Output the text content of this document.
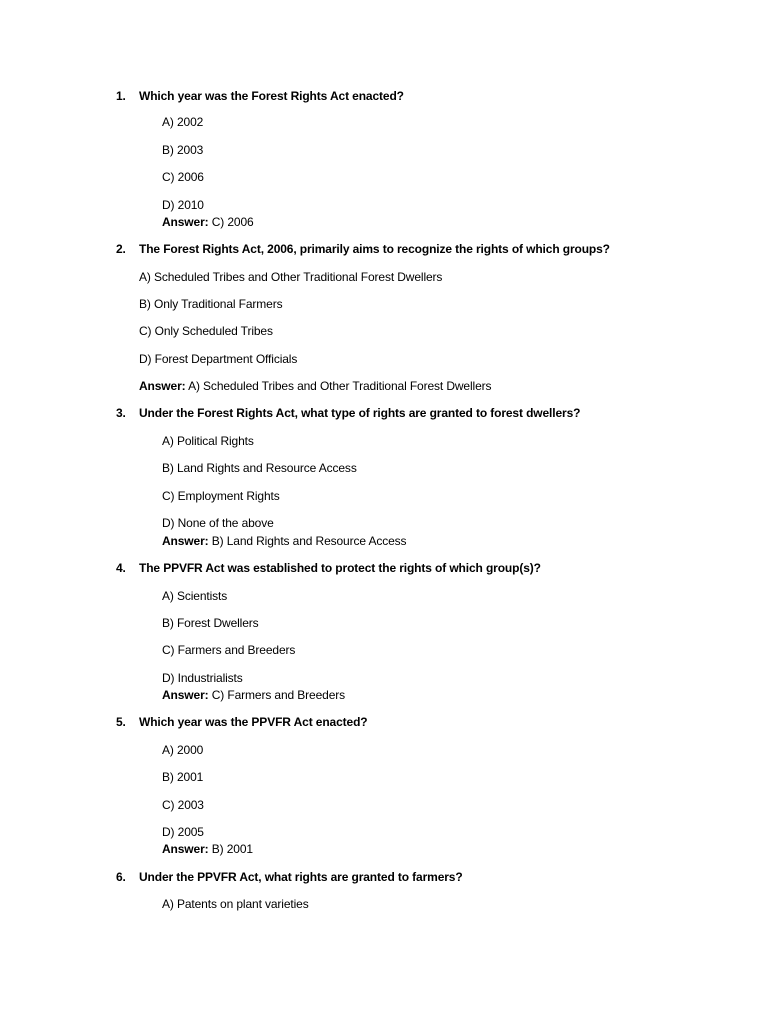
1. Which year was the Forest Rights Act enacted?
A) 2002
B) 2003
C) 2006
D) 2010
Answer: C) 2006
2. The Forest Rights Act, 2006, primarily aims to recognize the rights of which groups?
A) Scheduled Tribes and Other Traditional Forest Dwellers
B) Only Traditional Farmers
C) Only Scheduled Tribes
D) Forest Department Officials
Answer: A) Scheduled Tribes and Other Traditional Forest Dwellers
3. Under the Forest Rights Act, what type of rights are granted to forest dwellers?
A) Political Rights
B) Land Rights and Resource Access
C) Employment Rights
D) None of the above
Answer: B) Land Rights and Resource Access
4. The PPVFR Act was established to protect the rights of which group(s)?
A) Scientists
B) Forest Dwellers
C) Farmers and Breeders
D) Industrialists
Answer: C) Farmers and Breeders
5. Which year was the PPVFR Act enacted?
A) 2000
B) 2001
C) 2003
D) 2005
Answer: B) 2001
6. Under the PPVFR Act, what rights are granted to farmers?
A) Patents on plant varieties
